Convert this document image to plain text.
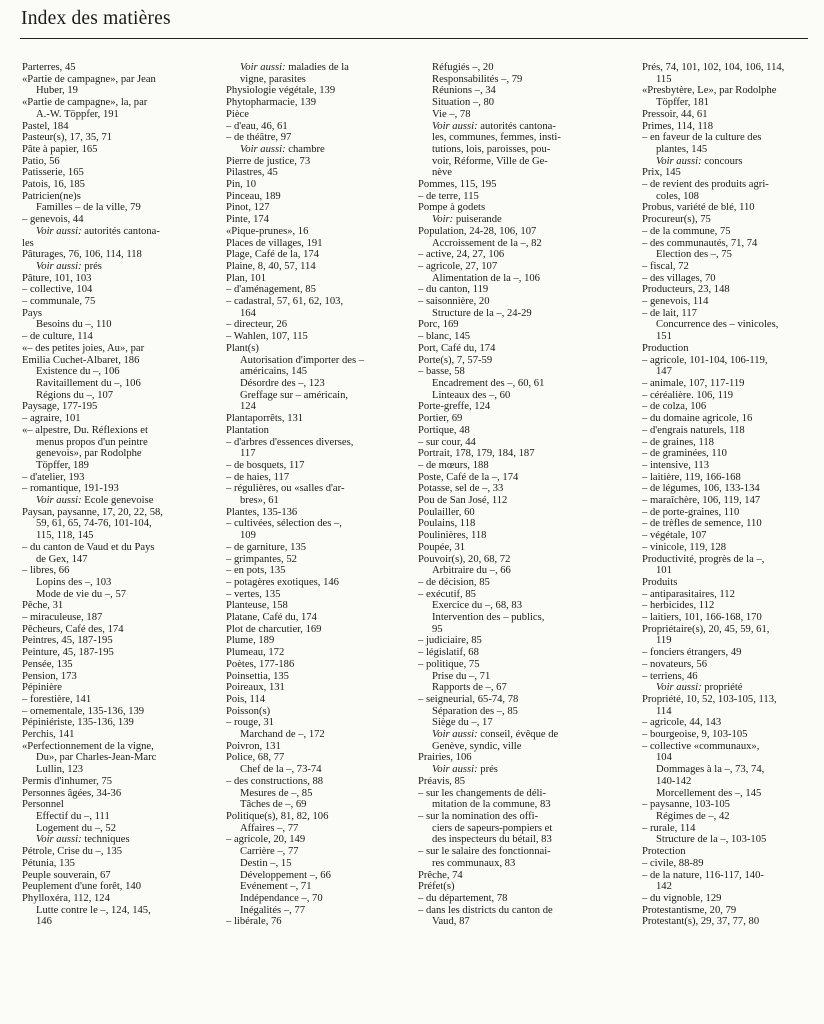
Index des matières
Parterres, 45
«Partie de campagne», par Jean
Huber, 19
«Partie de campagne», la, par
A.-W. Töppfer, 191
Pastel, 184
Pasteur(s), 17, 35, 71
Pâte à papier, 165
Patio, 56
Patisserie, 165
Patois, 16, 185
Patricien(ne)s
Familles – de la ville, 79
– genevois, 44
Voir aussi: autorités cantona-
les
Pâturages, 76, 106, 114, 118
Voir aussi: prés
Pâture, 101, 103
– collective, 104
– communale, 75
Pays
Besoins du –, 110
– de culture, 114
«– des petites joies, Au», par
Emilia Cuchet-Albaret, 186
Existence du –, 106
Ravitaillement du –, 106
Régions du –, 107
Paysage, 177-195
– agraire, 101
«– alpestre, Du. Réflexions et
menus propos d'un peintre
genevois», par Rodolphe
Töpffer, 189
– d'atelier, 193
– romantique, 191-193
Voir aussi: Ecole genevoise
Paysan, paysanne, 17, 20, 22, 58,
59, 61, 65, 74-76, 101-104,
115, 118, 145
– du canton de Vaud et du Pays
de Gex, 147
– libres, 66
Lopins des –, 103
Mode de vie du –, 57
Pêche, 31
– miraculeuse, 187
Pêcheurs, Café des, 174
Peintres, 45, 187-195
Peinture, 45, 187-195
Pensée, 135
Pension, 173
Pépinière
– forestière, 141
– ornementale, 135-136, 139
Pépiniériste, 135-136, 139
Perchis, 141
«Perfectionnement de la vigne,
Du», par Charles-Jean-Marc
Lullin, 123
Permis d'inhumer, 75
Personnes âgées, 34-36
Personnel
Effectif du –, 111
Logement du –, 52
Voir aussi: techniques
Pétrole, Crise du –, 135
Pétunia, 135
Peuple souverain, 67
Peuplement d'une forêt, 140
Phylloxéra, 112, 124
Lutte contre le –, 124, 145,
146
Voir aussi: maladies de la
vigne, parasites
Physiologie végétale, 139
Phytopharmacie, 139
Pièce
– d'eau, 46, 61
– de théâtre, 97
Voir aussi: chambre
Pierre de justice, 73
Pilastres, 45
Pin, 10
Pinceau, 189
Pinot, 127
Pinte, 174
«Pique-prunes», 16
Places de villages, 191
Plage, Café de la, 174
Plaine, 8, 40, 57, 114
Plan, 101
– d'aménagement, 85
– cadastral, 57, 61, 62, 103,
164
– directeur, 26
– Wahlen, 107, 115
Plant(s)
Autorisation d'importer des –
américains, 145
Désordre des –, 123
Greffage sur – américain,
124
Plantaporrêts, 131
Plantation
– d'arbres d'essences diverses,
117
– de bosquets, 117
– de haies, 117
– régulières, ou «salles d'ar-
bres», 61
Plantes, 135-136
– cultivées, sélection des –,
109
– de garniture, 135
– grimpantes, 52
– en pots, 135
– potagères exotiques, 146
– vertes, 135
Planteuse, 158
Platane, Café du, 174
Plot de charcutier, 169
Plume, 189
Plumeau, 172
Poètes, 177-186
Poinsettia, 135
Poireaux, 131
Pois, 114
Poisson(s)
– rouge, 31
Marchand de –, 172
Poivron, 131
Police, 68, 77
Chef de la –, 73-74
– des constructions, 88
Mesures de –, 85
Tâches de –, 69
Politique(s), 81, 82, 106
Affaires –, 77
– agricole, 20, 149
Carrière –, 77
Destin –, 15
Développement –, 66
Evénement –, 71
Indépendance –, 70
Inégalités –, 77
– libérale, 76
Réfugiés –, 20
Responsabilités –, 79
Réunions –, 34
Situation –, 80
Vie –, 78
Voir aussi: autorités cantona-
les, communes, femmes, insti-
tutions, lois, paroisses, pou-
voir, Réforme, Ville de Ge-
nève
Pommes, 115, 195
– de terre, 115
Pompe à godets
Voir: puiserande
Population, 24-28, 106, 107
Accroissement de la –, 82
– active, 24, 27, 106
– agricole, 27, 107
Alimentation de la –, 106
– du canton, 119
– saisonnière, 20
Structure de la –, 24-29
Porc, 169
– blanc, 145
Port, Café du, 174
Porte(s), 7, 57-59
– basse, 58
Encadrement des –, 60, 61
Linteaux des –, 60
Porte-greffe, 124
Portier, 69
Portique, 48
– sur cour, 44
Portrait, 178, 179, 184, 187
– de mœurs, 188
Poste, Café de la –, 174
Potasse, sel de –, 33
Pou de San José, 112
Poulailler, 60
Poulains, 118
Poulinières, 118
Poupée, 31
Pouvoir(s), 20, 68, 72
Arbitraire du –, 66
– de décision, 85
– exécutif, 85
Exercice du –, 68, 83
Intervention des – publics,
95
– judiciaire, 85
– législatif, 68
– politique, 75
Prise du –, 71
Rapports de –, 67
– seigneurial, 65-74, 78
Séparation des –, 85
Siège du –, 17
Voir aussi: conseil, évêque de
Genève, syndic, ville
Prairies, 106
Voir aussi: prés
Préavis, 85
– sur les changements de déli-
mitation de la commune, 83
– sur la nomination des offi-
ciers de sapeurs-pompiers et
des inspecteurs du bétail, 83
– sur le salaire des fonctionnai-
res communaux, 83
Prêche, 74
Préfet(s)
– du département, 78
– dans les districts du canton de
Vaud, 87
Prés, 74, 101, 102, 104, 106, 114,
115
«Presbytère, Le», par Rodolphe
Töpffer, 181
Pressoir, 44, 61
Primes, 114, 118
– en faveur de la culture des
plantes, 145
Voir aussi: concours
Prix, 145
– de revient des produits agri-
coles, 108
Probus, variété de blé, 110
Procureur(s), 75
– de la commune, 75
– des communautés, 71, 74
Election des –, 75
– fiscal, 72
– des villages, 70
Producteurs, 23, 148
– genevois, 114
– de lait, 117
Concurrence des – vinicoles,
151
Production
– agricole, 101-104, 106-119,
147
– animale, 107, 117-119
– céréalière. 106, 119
– de colza, 106
– du domaine agricole, 16
– d'engrais naturels, 118
– de graines, 118
– de graminées, 110
– intensive, 113
– laitière, 119, 166-168
– de légumes, 106, 133-134
– maraîchère, 106, 119, 147
– de porte-graines, 110
– de trèfles de semence, 110
– végétale, 107
– vinicole, 119, 128
Productivité, progrès de la –,
101
Produits
– antiparasitaires, 112
– herbicides, 112
– laitiers, 101, 166-168, 170
Propriétaire(s), 20, 45, 59, 61,
119
– fonciers étrangers, 49
– novateurs, 56
– terriens, 46
Voir aussi: propriété
Propriété, 10, 52, 103-105, 113,
114
– agricole, 44, 143
– bourgeoise, 9, 103-105
– collective «communaux»,
104
Dommages à la –, 73, 74,
140-142
Morcellement des –, 145
– paysanne, 103-105
Régimes de –, 42
– rurale, 114
Structure de la –, 103-105
Protection
– civile, 88-89
– de la nature, 116-117, 140-
142
– du vignoble, 129
Protestantisme, 20, 79
Protestant(s), 29, 37, 77, 80
